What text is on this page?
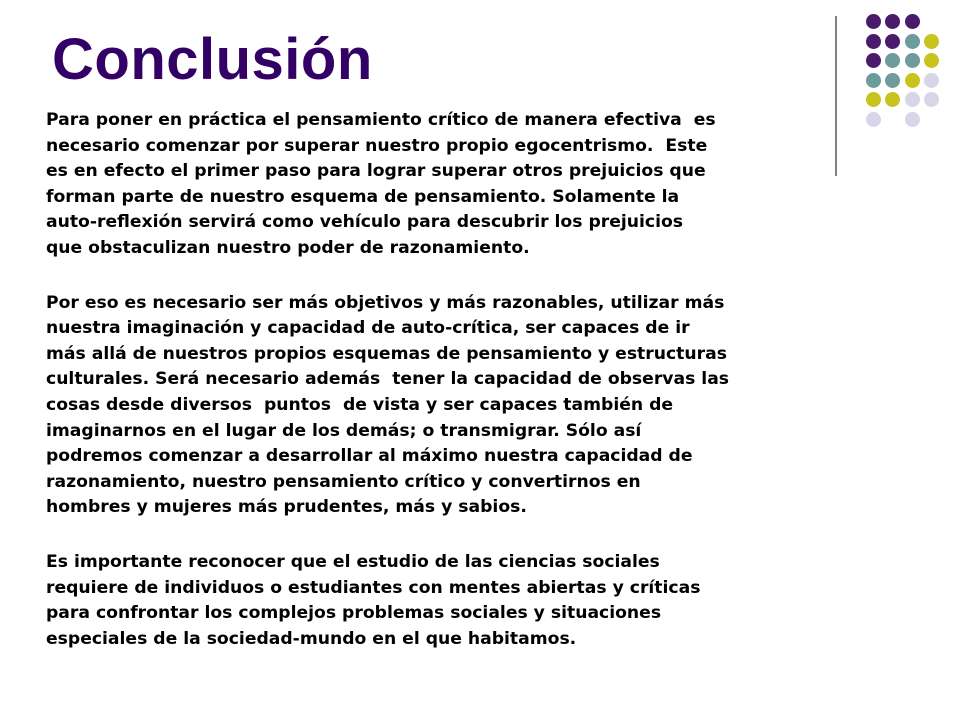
Conclusión
Para poner en práctica el pensamiento crítico de manera efectiva  es
necesario comenzar por superar nuestro propio egocentrismo.  Este
es en efecto el primer paso para lograr superar otros prejuicios que
forman parte de nuestro esquema de pensamiento. Solamente la
auto-reflexión servirá como vehículo para descubrir los prejuicios
que obstaculizan nuestro poder de razonamiento.
Por eso es necesario ser más objetivos y más razonables, utilizar más
nuestra imaginación y capacidad de auto-crítica, ser capaces de ir
más allá de nuestros propios esquemas de pensamiento y estructuras
culturales. Será necesario además  tener la capacidad de observas las
cosas desde diversos  puntos  de vista y ser capaces también de
imaginarnos en el lugar de los demás; o transmigrar. Sólo así
podremos comenzar a desarrollar al máximo nuestra capacidad de
razonamiento, nuestro pensamiento crítico y convertirnos en
hombres y mujeres más prudentes, más y sabios.
Es importante reconocer que el estudio de las ciencias sociales
requiere de individuos o estudiantes con mentes abiertas y críticas
para confrontar los complejos problemas sociales y situaciones
especiales de la sociedad-mundo en el que habitamos.
